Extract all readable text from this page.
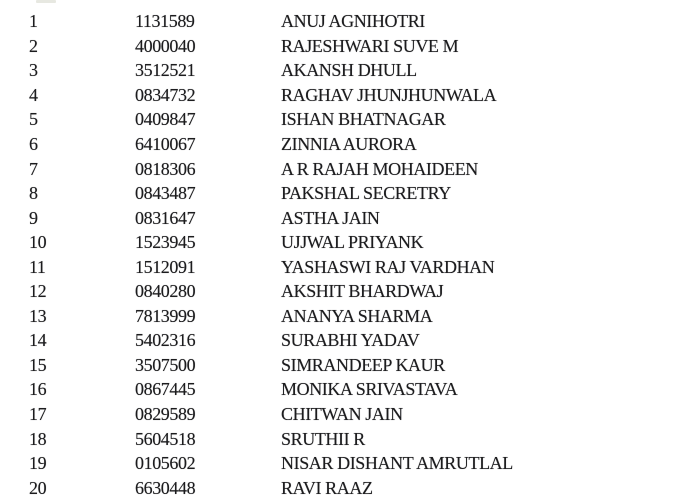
1	1131589	ANUJ AGNIHOTRI
2	4000040	RAJESHWARI SUVE M
3	3512521	AKANSH DHULL
4	0834732	RAGHAV JHUNJHUNWALA
5	0409847	ISHAN BHATNAGAR
6	6410067	ZINNIA AURORA
7	0818306	A R RAJAH MOHAIDEEN
8	0843487	PAKSHAL SECRETRY
9	0831647	ASTHA JAIN
10	1523945	UJJWAL PRIYANK
11	1512091	YASHASWI RAJ VARDHAN
12	0840280	AKSHIT BHARDWAJ
13	7813999	ANANYA SHARMA
14	5402316	SURABHI YADAV
15	3507500	SIMRANDEEP KAUR
16	0867445	MONIKA SRIVASTAVA
17	0829589	CHITWAN JAIN
18	5604518	SRUTHII R
19	0105602	NISAR DISHANT AMRUTLAL
20	6630448	RAVI RAAZ
